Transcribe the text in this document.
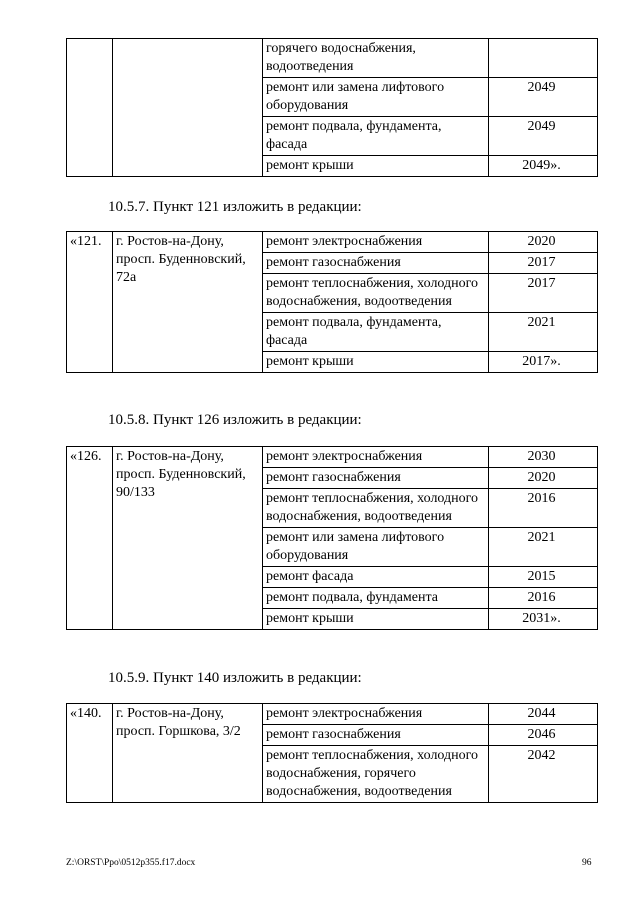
		горячего водоснабжения,
водоотведения	
		ремонт или замена лифтового оборудования	2049
		ремонт подвала, фундамента, фасада	2049
		ремонт крыши	2049».

10.5.7. Пункт 121 изложить в редакции:

«121.	г. Ростов-на-Дону, просп. Буденновский, 72а	ремонт электроснабжения	2020
		ремонт газоснабжения	2017
		ремонт теплоснабжения, холодного водоснабжения, водоотведения	2017
		ремонт подвала, фундамента, фасада	2021
		ремонт крыши	2017».

10.5.8. Пункт 126 изложить в редакции:

«126.	г. Ростов-на-Дону, просп. Буденновский, 90/133	ремонт электроснабжения	2030
		ремонт газоснабжения	2020
		ремонт теплоснабжения, холодного водоснабжения, водоотведения	2016
		ремонт или замена лифтового оборудования	2021
		ремонт фасада	2015
		ремонт подвала, фундамента	2016
		ремонт крыши	2031».

10.5.9. Пункт 140 изложить в редакции:

«140.	г. Ростов-на-Дону, просп. Горшкова, 3/2	ремонт электроснабжения	2044
		ремонт газоснабжения	2046
		ремонт теплоснабжения, холодного водоснабжения, горячего водоснабжения, водоотведения	2042
Z:\ORST\Ppo\0512p355.f17.docx	96
